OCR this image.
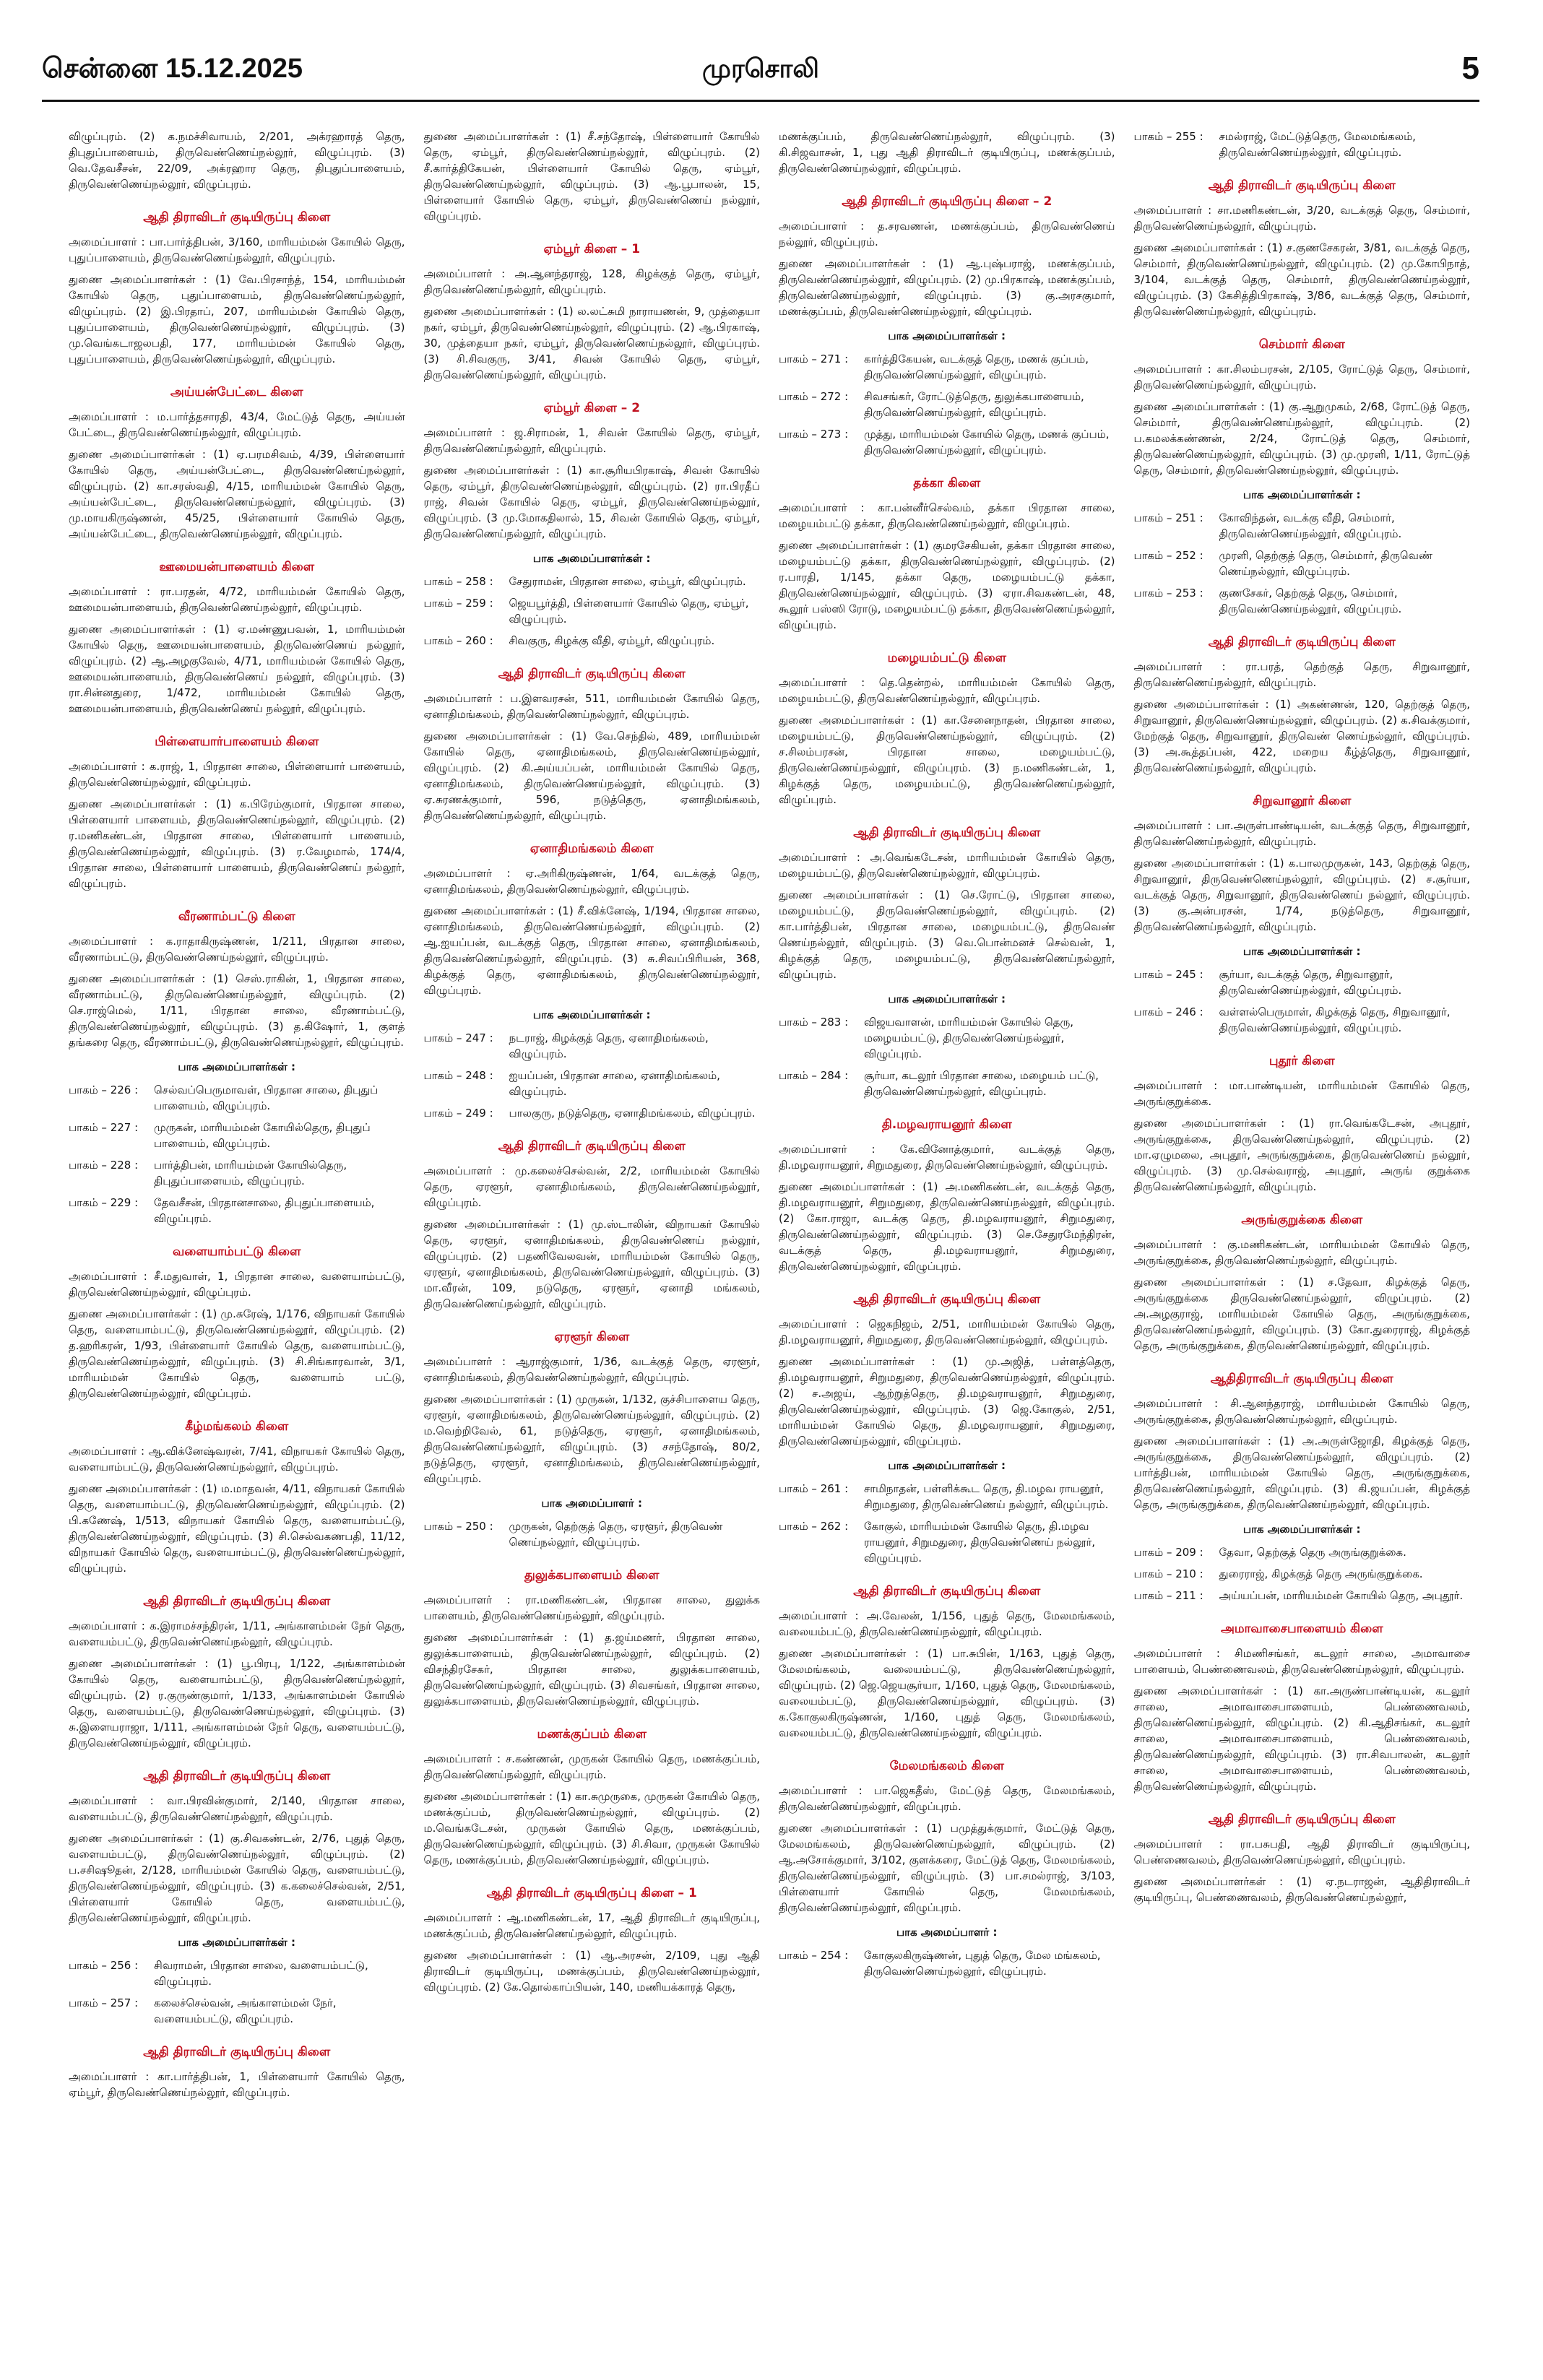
சென்னை 15.12.2025	முரசொலி	5
விழுப்புரம். (2) க.நமச்சிவாயம், 2/201, அக்ரஹாரத் தெரு, திபுதுப்பாளையம், திருவெண்ணெய்நல்லூர், விழுப்புரம். (3) வெ.தேவசீசன், 22/09, அக்ரஹார தெரு, திபுதுப்பாளையம், திருவெண்ணெய்நல்லூர், விழுப்புரம்.
ஆதி திராவிடர் குடியிருப்பு கிளை
அமைப்பாளர் : பா.பார்த்திபன், 3/160, மாரியம்மன் கோயில் தெரு, புதுப்பாளையம், திருவெண்ணெய்நல்லூர், விழுப்புரம்.
துணை அமைப்பாளர்கள் : (1) வே.பிரசாந்த், 154, மாரியம்மன் கோயில் தெரு, புதுப்பாளையம், திருவெண்ணெய்நல்லூர், விழுப்புரம். (2) இ.பிரதாப், 207, மாரியம்மன் கோயில் தெரு, புதுப்பாளையம், திருவெண்ணெய்நல்லூர், விழுப்புரம். (3) மு.வெங்கடாஜலபதி, 177, மாரியம்மன் கோயில் தெரு, புதுப்பாளையம், திருவெண்ணெய்நல்லூர், விழுப்புரம்.
அய்யன்பேட்டை கிளை
அமைப்பாளர் : ம.பார்த்தசாரதி, 43/4, மேட்டுத் தெரு, அய்யன் பேட்டை, திருவெண்ணெய்நல்லூர், விழுப்புரம்.
துணை அமைப்பாளர்கள் : (1) ஏ.பரமசிவம், 4/39, பிள்ளையார் கோயில் தெரு, அய்யன்பேட்டை, திருவெண்ணெய்நல்லூர், விழுப்புரம். (2) கா.சரஸ்வதி, 4/15, மாரியம்மன் கோயில் தெரு, அய்யன்பேட்டை, திருவெண்ணெய்நல்லூர், விழுப்புரம். (3) மு.மாயகிருஷ்ணன், 45/25, பிள்ளையார் கோயில் தெரு, அய்யன்பேட்டை, திருவெண்ணெய்நல்லூர், விழுப்புரம்.
ஊமையன்பாளையம் கிளை
அமைப்பாளர் : ரா.பரதன், 4/72, மாரியம்மன் கோயில் தெரு, ஊமையன்பாளையம், திருவெண்ணெய்நல்லூர், விழுப்புரம்.
துணை அமைப்பாளர்கள் : (1) ஏ.மண்ணுபவன், 1, மாரியம்மன் கோயில் தெரு, ஊமையன்பாளையம், திருவெண்ணெய் நல்லூர், விழுப்புரம். (2) ஆ.அழகுவேல், 4/71, மாரியம்மன் கோயில் தெரு, ஊமையன்பாளையம், திருவெண்ணெய் நல்லூர், விழுப்புரம். (3) ரா.சின்னதுரை, 1/472, மாரியம்மன் கோயில் தெரு, ஊமையன்பாளையம், திருவெண்ணெய் நல்லூர், விழுப்புரம்.
பிள்ளையார்பாளையம் கிளை
அமைப்பாளர் : க.ராஜ், 1, பிரதான சாலை, பிள்ளையார் பாளையம், திருவெண்ணெய்நல்லூர், விழுப்புரம்.
துணை அமைப்பாளர்கள் : (1) க.பிரேம்குமார், பிரதான சாலை, பிள்ளையார் பாளையம், திருவெண்ணெய்நல்லூர், விழுப்புரம். (2) ர.மணிகண்டன், பிரதான சாலை, பிள்ளையார் பாளையம், திருவெண்ணெய்நல்லூர், விழுப்புரம். (3) ர.வேழமால், 174/4, பிரதான சாலை, பிள்ளையார் பாளையம், திருவெண்ணெய் நல்லூர், விழுப்புரம்.
வீரணாம்பட்டு கிளை
அமைப்பாளர் : க.ராதாகிருஷ்ணன், 1/211, பிரதான சாலை, வீரணாம்பட்டு, திருவெண்ணெய்நல்லூர், விழுப்புரம்.
துணை அமைப்பாளர்கள் : (1) செஸ்.ராகின், 1, பிரதான சாலை, வீரணாம்பட்டு, திருவெண்ணெய்நல்லூர், விழுப்புரம். (2) செ.ராஜ்மெல், 1/11, பிரதான சாலை, வீரணாம்பட்டு, திருவெண்ணெய்நல்லூர், விழுப்புரம். (3) த.கிஷோர், 1, குளத் தங்கரை தெரு, வீரணாம்பட்டு, திருவெண்ணெய்நல்லூர், விழுப்புரம்.
பாக அமைப்பாளர்கள் :
பாகம் – 226 :	செல்வப்பெருமாவள், பிரதான சாலை, திபுதுப் பாளையம், விழுப்புரம்.
பாகம் – 227 :	முருகன், மாரியம்மன் கோயில்தெரு, திபுதுப் பாளையம், விழுப்புரம்.
பாகம் – 228 :	பார்த்திபன், மாரியம்மன் கோயில்தெரு, திபுதுப்பாளையம், விழுப்புரம்.
பாகம் – 229 :	தேவசீசன், பிரதானசாலை, திபுதுப்பாளையம், விழுப்புரம்.
வளையாம்பட்டு கிளை
அமைப்பாளர் : சீ.மதுவாள், 1, பிரதான சாலை, வளையாம்பட்டு, திருவெண்ணெய்நல்லூர், விழுப்புரம்.
துணை அமைப்பாளர்கள் : (1) மு.சுரேஷ், 1/176, விநாயகர் கோயில் தெரு, வளையாம்பட்டு, திருவெண்ணெய்நல்லூர், விழுப்புரம். (2) த.ஹரிகரன், 1/93, பிள்ளையார் கோயில் தெரு, வளையாம்பட்டு, திருவெண்ணெய்நல்லூர், விழுப்புரம். (3) சி.சிங்காரவான், 3/1, மாரியம்மன் கோயில் தெரு, வளையாம் பட்டு, திருவெண்ணெய்நல்லூர், விழுப்புரம்.
கீழ்மங்கலம் கிளை
அமைப்பாளர் : ஆ.விக்னேஷ்வரன், 7/41, விநாயகர் கோயில் தெரு, வளையாம்பட்டு, திருவெண்ணெய்நல்லூர், விழுப்புரம்.
துணை அமைப்பாளர்கள் : (1) ம.மாதவன், 4/11, விநாயகர் கோயில் தெரு, வளையாம்பட்டு, திருவெண்ணெய்நல்லூர், விழுப்புரம். (2) பி.கணேஷ், 1/513, விநாயகர் கோயில் தெரு, வளையாம்பட்டு, திருவெண்ணெய்நல்லூர், விழுப்புரம். (3) சி.செல்வகணபதி, 11/12, விநாயகர் கோயில் தெரு, வளையாம்பட்டு, திருவெண்ணெய்நல்லூர், விழுப்புரம்.
ஆதி திராவிடர் குடியிருப்பு கிளை
அமைப்பாளர் : க.இராமச்சந்திரன், 1/11, அங்காளம்மன் நேர் தெரு, வளையம்பட்டு, திருவெண்ணெய்நல்லூர், விழுப்புரம்.
துணை அமைப்பாளர்கள் : (1) பூ.பிரபு, 1/122, அங்காளம்மன் கோயில் தெரு, வளையாம்பட்டு, திருவெண்ணெய்நல்லூர், விழுப்புரம். (2) ர.குருண்குமார், 1/133, அங்காளம்மன் கோயில் தெரு, வளையம்பட்டு, திருவெண்ணெய்நல்லூர், விழுப்புரம். (3) சு.இளையராஜா, 1/111, அங்காளம்மன் நேர் தெரு, வளையம்பட்டு, திருவெண்ணெய்நல்லூர், விழுப்புரம்.
ஆதி திராவிடர் குடியிருப்பு கிளை
அமைப்பாளர் : வா.பிரவின்குமார், 2/140, பிரதான சாலை, வளையம்பட்டு, திருவெண்ணெய்நல்லூர், விழுப்புரம்.
துணை அமைப்பாளர்கள் : (1) கு.சிவகண்டன், 2/76, புதுத் தெரு, வளையம்பட்டு, திருவெண்ணெய்நல்லூர், விழுப்புரம். (2) ப.சசிஷூதன், 2/128, மாரியம்மன் கோயில் தெரு, வளையம்பட்டு, திருவெண்ணெய்நல்லூர், விழுப்புரம். (3) க.கலைச்செல்வன், 2/51, பிள்ளையார் கோயில் தெரு, வளையம்பட்டு, திருவெண்ணெய்நல்லூர், விழுப்புரம்.
பாக அமைப்பாளர்கள் :
பாகம் – 256 :	சிவராமன், பிரதான சாலை, வளையம்பட்டு, விழுப்புரம்.
பாகம் – 257 :	கலைச்செல்வன், அங்காளம்மன் நேர், வளையம்பட்டு, விழுப்புரம்.
ஆதி திராவிடர் குடியிருப்பு கிளை
அமைப்பாளர் : கா.பார்த்திபன், 1, பிள்ளையார் கோயில் தெரு, ஏம்பூர், திருவெண்ணெய்நல்லூர், விழுப்புரம்.
துணை அமைப்பாளர்கள் : (1) சீ.சந்தோஷ், பிள்ளையார் கோயில் தெரு, ஏம்பூர், திருவெண்ணெய்நல்லூர், விழுப்புரம். (2) சீ.கார்த்திகேயன், பிள்ளையார் கோயில் தெரு, ஏம்பூர், திருவெண்ணெய்நல்லூர், விழுப்புரம். (3) ஆ.பூபாலன், 15, பிள்ளையார் கோயில் தெரு, ஏம்பூர், திருவெண்ணெய் நல்லூர், விழுப்புரம்.
ஏம்பூர் கிளை – 1
அமைப்பாளர் : அ.ஆனந்தராஜ், 128, கிழக்குத் தெரு, ஏம்பூர், திருவெண்ணெய்நல்லூர், விழுப்புரம்.
துணை அமைப்பாளர்கள் : (1) ல.லட்சுமி நாராயணன், 9, முத்தையா நகர், ஏம்பூர், திருவெண்ணெய்நல்லூர், விழுப்புரம். (2) ஆ.பிரகாஷ், 30, முத்தையா நகர், ஏம்பூர், திருவெண்ணெய்நல்லூர், விழுப்புரம். (3) சி.சிவகுரு, 3/41, சிவன் கோயில் தெரு, ஏம்பூர், திருவெண்ணெய்நல்லூர், விழுப்புரம்.
ஏம்பூர் கிளை – 2
அமைப்பாளர் : ஜ.சிராமன், 1, சிவன் கோயில் தெரு, ஏம்பூர், திருவெண்ணெய்நல்லூர், விழுப்புரம்.
துணை அமைப்பாளர்கள் : (1) கா.சூரியபிரகாஷ், சிவன் கோயில் தெரு, ஏம்பூர், திருவெண்ணெய்நல்லூர், விழுப்புரம். (2) ரா.பிரதீப் ராஜ், சிவன் கோயில் தெரு, ஏம்பூர், திருவெண்ணெய்நல்லூர், விழுப்புரம். (3 மு.மோகதிலால், 15, சிவன் கோயில் தெரு, ஏம்பூர், திருவெண்ணெய்நல்லூர், விழுப்புரம்.
பாக அமைப்பாளர்கள் :
பாகம் – 258 :	சேதுராமன், பிரதான சாலை, ஏம்பூர், விழுப்புரம்.
பாகம் – 259 :	ஜெயபூர்த்தி, பிள்ளையார் கோயில் தெரு, ஏம்பூர், விழுப்புரம்.
பாகம் – 260 :	சிவகுரு, கிழக்கு வீதி, ஏம்பூர், விழுப்புரம்.
ஆதி திராவிடர் குடியிருப்பு கிளை
அமைப்பாளர் : ப.இளவரசன், 511, மாரியம்மன் கோயில் தெரு, ஏனாதிமங்கலம், திருவெண்ணெய்நல்லூர், விழுப்புரம்.
துணை அமைப்பாளர்கள் : (1) வே.செந்தில், 489, மாரியம்மன் கோயில் தெரு, ஏனாதிமங்கலம், திருவெண்ணெய்நல்லூர், விழுப்புரம். (2) கி.அய்யப்பன், மாரியம்மன் கோயில் தெரு, ஏனாதிமங்கலம், திருவெண்ணெய்நல்லூர், விழுப்புரம். (3) ஏ.சுரணக்குமார், 596, நடுத்தெரு, ஏனாதிமங்கலம், திருவெண்ணெய்நல்லூர், விழுப்புரம்.
ஏனாதிமங்கலம் கிளை
அமைப்பாளர் : ஏ.அரிகிருஷ்ணன், 1/64, வடக்குத் தெரு, ஏனாதிமங்கலம், திருவெண்ணெய்நல்லூர், விழுப்புரம்.
துணை அமைப்பாளர்கள் : (1) சீ.விக்னேஷ், 1/194, பிரதான சாலை, ஏனாதிமங்கலம், திருவெண்ணெய்நல்லூர், விழுப்புரம். (2) ஆ.ஐயப்பன், வடக்குத் தெரு, பிரதான சாலை, ஏனாதிமங்கலம், திருவெண்ணெய்நல்லூர், விழுப்புரம். (3) சு.சிவப்பிரியன், 368, கிழக்குத் தெரு, ஏனாதிமங்கலம், திருவெண்ணெய்நல்லூர், விழுப்புரம்.
பாக அமைப்பாளர்கள் :
பாகம் – 247 :	நடராஜ், கிழக்குத் தெரு, ஏனாதிமங்கலம், விழுப்புரம்.
பாகம் – 248 :	ஐயப்பன், பிரதான சாலை, ஏனாதிமங்கலம், விழுப்புரம்.
பாகம் – 249 :	பாலகுரு, நடுத்தெரு, ஏனாதிமங்கலம், விழுப்புரம்.
ஆதி திராவிடர் குடியிருப்பு கிளை
அமைப்பாளர் : மு.கலைச்செல்வன், 2/2, மாரியம்மன் கோயில் தெரு, ஏரளூர், ஏனாதிமங்கலம், திருவெண்ணெய்நல்லூர், விழுப்புரம்.
துணை அமைப்பாளர்கள் : (1) மு.ஸ்டாலின், விநாயகர் கோயில் தெரு, ஏரளூர், ஏனாதிமங்கலம், திருவெண்ணெய் நல்லூர், விழுப்புரம். (2) பதணிவேலவன், மாரியம்மன் கோயில் தெரு, ஏரளூர், ஏனாதிமங்கலம், திருவெண்ணெய்நல்லூர், விழுப்புரம். (3) மா.வீரன், 109, நடுதெரு, ஏரளூர், ஏனாதி மங்கலம், திருவெண்ணெய்நல்லூர், விழுப்புரம்.
ஏரளூர் கிளை
அமைப்பாளர் : ஆராஜ்குமார், 1/36, வடக்குத் தெரு, ஏரளூர், ஏனாதிமங்கலம், திருவெண்ணெய்நல்லூர், விழுப்புரம்.
துணை அமைப்பாளர்கள் : (1) முருகன், 1/132, குச்சிபாளைய தெரு, ஏரளூர், ஏனாதிமங்கலம், திருவெண்ணெய்நல்லூர், விழுப்புரம். (2) ம.வெற்றிவேல், 61, நடுத்தெரு, ஏரளூர், ஏனாதிமங்கலம், திருவெண்ணெய்நல்லூர், விழுப்புரம். (3) சசந்தோஷ், 80/2, நடுத்தெரு, ஏரளூர், ஏனாதிமங்கலம், திருவெண்ணெய்நல்லூர், விழுப்புரம்.
பாக அமைப்பாளர் :
பாகம் – 250 :	முருகன், தெற்குத் தெரு, ஏரளூர், திருவெண் ணெய்நல்லூர், விழுப்புரம்.
துலுக்கபாளையம் கிளை
அமைப்பாளர் : ரா.மணிகண்டன், பிரதான சாலை, துலுக்க பாளையம், திருவெண்ணெய்நல்லூர், விழுப்புரம்.
துணை அமைப்பாளர்கள் : (1) த.ஜய்மணர், பிரதான சாலை, துலுக்கபாளையம், திருவெண்ணெய்நல்லூர், விழுப்புரம். (2) விசந்திரசேகர், பிரதான சாலை, துலுக்கபாளையம், திருவெண்ணெய்நல்லூர், விழுப்புரம். (3) சிவசங்கர், பிரதான சாலை, துலுக்கபாளையம், திருவெண்ணெய்நல்லூர், விழுப்புரம்.
மணக்குப்பம் கிளை
அமைப்பாளர் : ச.கண்ணன், முருகன் கோயில் தெரு, மணக்குப்பம், திருவெண்ணெய்நல்லூர், விழுப்புரம்.
துணை அமைப்பாளர்கள் : (1) கா.சுமுருகை, முருகன் கோயில் தெரு, மணக்குப்பம், திருவெண்ணெய்நல்லூர், விழுப்புரம். (2) ம.வெங்கடேசன், முருகன் கோயில் தெரு, மணக்குப்பம், திருவெண்ணெய்நல்லூர், விழுப்புரம். (3) சி.சிவா, முருகன் கோயில் தெரு, மணக்குப்பம், திருவெண்ணெய்நல்லூர், விழுப்புரம்.
ஆதி திராவிடர் குடியிருப்பு கிளை – 1
அமைப்பாளர் : ஆ.மணிகண்டன், 17, ஆதி திராவிடர் குடியிருப்பு, மணக்குப்பம், திருவெண்ணெய்நல்லூர், விழுப்புரம்.
துணை அமைப்பாளர்கள் : (1) ஆ.அரசன், 2/109, புது ஆதி திராவிடர் குடியிருப்பு, மணக்குப்பம், திருவெண்ணெய்நல்லூர், விழுப்புரம். (2) கே.தொல்காப்பியன், 140, மணியக்காரத் தெரு,
மணக்குப்பம், திருவெண்ணெய்நல்லூர், விழுப்புரம். (3) கி.சிஜவாசன், 1, புது ஆதி திராவிடர் குடியிருப்பு, மணக்குப்பம், திருவெண்ணெய்நல்லூர், விழுப்புரம்.
ஆதி திராவிடர் குடியிருப்பு கிளை – 2
அமைப்பாளர் : த.சரவணன், மணக்குப்பம், திருவெண்ணெய் நல்லூர், விழுப்புரம்.
துணை அமைப்பாளர்கள் : (1) ஆ.புஷ்பராஜ், மணக்குப்பம், திருவெண்ணெய்நல்லூர், விழுப்புரம். (2) மு.பிரகாஷ், மணக்குப்பம், திருவெண்ணெய்நல்லூர், விழுப்புரம். (3) கு.அரசகுமார், மணக்குப்பம், திருவெண்ணெய்நல்லூர், விழுப்புரம்.
பாக அமைப்பாளர்கள் :
பாகம் – 271 :	கார்த்திகேயன், வடக்குத் தெரு, மணக் குப்பம், திருவெண்ணெய்நல்லூர், விழுப்புரம்.
பாகம் – 272 :	சிவசங்கர், ரோட்டுத்தெரு, துலுக்கபாளையம், திருவெண்ணெய்நல்லூர், விழுப்புரம்.
பாகம் – 273 :	முத்து, மாரியம்மன் கோயில் தெரு, மணக் குப்பம், திருவெண்ணெய்நல்லூர், விழுப்புரம்.
தக்கா கிளை
அமைப்பாளர் : கா.பன்னீர்செல்வம், தக்கா பிரதான சாலை, மழையம்பட்டு தக்கா, திருவெண்ணெய்நல்லூர், விழுப்புரம்.
துணை அமைப்பாளர்கள் : (1) குமரசேகியன், தக்கா பிரதான சாலை, மழையம்பட்டு தக்கா, திருவெண்ணெய்நல்லூர், விழுப்புரம். (2) ர.பாரதி, 1/145, தக்கா தெரு, மழையம்பட்டு தக்கா, திருவெண்ணெய்நல்லூர், விழுப்புரம். (3) ஏரா.சிவகண்டன், 48, கூலூர் பஸ்ஸி ரோடு, மழையம்பட்டு தக்கா, திருவெண்ணெய்நல்லூர், விழுப்புரம்.
மழையம்பட்டு கிளை
அமைப்பாளர் : தெ.தென்றல், மாரியம்மன் கோயில் தெரு, மழையம்பட்டு, திருவெண்ணெய்நல்லூர், விழுப்புரம்.
துணை அமைப்பாளர்கள் : (1) கா.சேனைநாதன், பிரதான சாலை, மழையம்பட்டு, திருவெண்ணெய்நல்லூர், விழுப்புரம். (2) ச.சிலம்பரசன், பிரதான சாலை, மழையம்பட்டு, திருவெண்ணெய்நல்லூர், விழுப்புரம். (3) ந.மணிகண்டன், 1, கிழக்குத் தெரு, மழையம்பட்டு, திருவெண்ணெய்நல்லூர், விழுப்புரம்.
ஆதி திராவிடர் குடியிருப்பு கிளை
அமைப்பாளர் : அ.வெங்கடேசன், மாரியம்மன் கோயில் தெரு, மழையம்பட்டு, திருவெண்ணெய்நல்லூர், விழுப்புரம்.
துணை அமைப்பாளர்கள் : (1) செ.ரோட்டு, பிரதான சாலை, மழையம்பட்டு, திருவெண்ணெய்நல்லூர், விழுப்புரம். (2) கா.பார்த்திபன், பிரதான சாலை, மழையம்பட்டு, திருவெண் ணெய்நல்லூர், விழுப்புரம். (3) வெ.பொன்மனச் செல்வன், 1, கிழக்குத் தெரு, மழையம்பட்டு, திருவெண்ணெய்நல்லூர், விழுப்புரம்.
பாக அமைப்பாளர்கள் :
பாகம் – 283 :	விஜயவாளன், மாரியம்மன் கோயில் தெரு, மழையம்பட்டு, திருவெண்ணெய்நல்லூர், விழுப்புரம்.
பாகம் – 284 :	சூர்யா, கடலூர் பிரதான சாலை, மழையம் பட்டு, திருவெண்ணெய்நல்லூர், விழுப்புரம்.
தி.மழவராயனூர் கிளை
அமைப்பாளர் : கே.வினோத்குமார், வடக்குத் தெரு, தி.மழவராயனூர், சிறுமதுரை, திருவெண்ணெய்நல்லூர், விழுப்புரம்.
துணை அமைப்பாளர்கள் : (1) அ.மணிகண்டன், வடக்குத் தெரு, தி.மழவராயனூர், சிறுமதுரை, திருவெண்ணெய்நல்லூர், விழுப்புரம். (2) கோ.ராஜா, வடக்கு தெரு, தி.மழவராயனூர், சிறுமதுரை, திருவெண்ணெய்நல்லூர், விழுப்புரம். (3) செ.சேதுரமேந்திரன், வடக்குத் தெரு, தி.மழவராயனூர், சிறுமதுரை, திருவெண்ணெய்நல்லூர், விழுப்புரம்.
ஆதி திராவிடர் குடியிருப்பு கிளை
அமைப்பாளர் : ஜெகநிஜம், 2/51, மாரியம்மன் கோயில் தெரு, தி.மழவராயனூர், சிறுமதுரை, திருவெண்ணெய்நல்லூர், விழுப்புரம்.
துணை அமைப்பாளர்கள் : (1) மு.அஜித், பள்ளத்தெரு, தி.மழவராயனூர், சிறுமதுரை, திருவெண்ணெய்நல்லூர், விழுப்புரம். (2) ச.அஜய், ஆற்றுத்தெரு, தி.மழவராயனூர், சிறுமதுரை, திருவெண்ணெய்நல்லூர், விழுப்புரம். (3) ஜெ.கோகுல், 2/51, மாரியம்மன் கோயில் தெரு, தி.மழவராயனூர், சிறுமதுரை, திருவெண்ணெய்நல்லூர், விழுப்புரம்.
பாக அமைப்பாளர்கள் :
பாகம் – 261 :	சாமிநாதன், பள்ளிக்கூட தெரு, தி.மழவ ராயனூர், சிறுமதுரை, திருவெண்ணெய் நல்லூர், விழுப்புரம்.
பாகம் – 262 :	கோகுல், மாரியம்மன் கோயில் தெரு, தி.மழவ ராயனூர், சிறுமதுரை, திருவெண்ணெய் நல்லூர், விழுப்புரம்.
ஆதி திராவிடர் குடியிருப்பு கிளை
அமைப்பாளர் : அ.வேலன், 1/156, புதுத் தெரு, மேலமங்கலம், வலையம்பட்டு, திருவெண்ணெய்நல்லூர், விழுப்புரம்.
துணை அமைப்பாளர்கள் : (1) பா.சுபின், 1/163, புதுத் தெரு, மேலமங்கலம், வலையம்பட்டு, திருவெண்ணெய்நல்லூர், விழுப்புரம். (2) ஜெ.ஜெயசூர்யா, 1/160, புதுத் தெரு, மேலமங்கலம், வலையம்பட்டு, திருவெண்ணெய்நல்லூர், விழுப்புரம். (3) க.கோகுலகிருஷ்ணன், 1/160, புதுத் தெரு, மேலமங்கலம், வலையம்பட்டு, திருவெண்ணெய்நல்லூர், விழுப்புரம்.
மேலமங்கலம் கிளை
அமைப்பாளர் : பா.ஜெகதீஸ், மேட்டுத் தெரு, மேலமங்கலம், திருவெண்ணெய்நல்லூர், விழுப்புரம்.
துணை அமைப்பாளர்கள் : (1) பமுத்துக்குமார், மேட்டுத் தெரு, மேலமங்கலம், திருவெண்ணெய்நல்லூர், விழுப்புரம். (2) ஆ.அசோக்குமார், 3/102, குளக்கரை, மேட்டுத் தெரு, மேலமங்கலம், திருவெண்ணெய்நல்லூர், விழுப்புரம். (3) பா.சமல்ராஜ், 3/103, பிள்ளையார் கோயில் தெரு, மேலமங்கலம், திருவெண்ணெய்நல்லூர், விழுப்புரம்.
பாக அமைப்பாளர் :
பாகம் – 254 :	கோகுலகிருஷ்ணன், புதுத் தெரு, மேல மங்கலம், திருவெண்ணெய்நல்லூர், விழுப்புரம்.
பாகம் – 255 :	சமல்ராஜ், மேட்டுத்தெரு, மேலமங்கலம், திருவெண்ணெய்நல்லூர், விழுப்புரம்.
ஆதி திராவிடர் குடியிருப்பு கிளை
அமைப்பாளர் : சா.மணிகண்டன், 3/20, வடக்குத் தெரு, செம்மார், திருவெண்ணெய்நல்லூர், விழுப்புரம்.
துணை அமைப்பாளர்கள் : (1) ச.குணசேகரன், 3/81, வடக்குத் தெரு, செம்மார், திருவெண்ணெய்நல்லூர், விழுப்புரம். (2) மு.கோபிநாத், 3/104, வடக்குத் தெரு, செம்மார், திருவெண்ணெய்நல்லூர், விழுப்புரம். (3) கேசித்திபிரகாஷ், 3/86, வடக்குத் தெரு, செம்மார், திருவெண்ணெய்நல்லூர், விழுப்புரம்.
செம்மார் கிளை
அமைப்பாளர் : கா.சிலம்பரசன், 2/105, ரோட்டுத் தெரு, செம்மார், திருவெண்ணெய்நல்லூர், விழுப்புரம்.
துணை அமைப்பாளர்கள் : (1) கு.ஆறுமுகம், 2/68, ரோட்டுத் தெரு, செம்மார், திருவெண்ணெய்நல்லூர், விழுப்புரம். (2) ப.கமலக்கண்ணன், 2/24, ரோட்டுத் தெரு, செம்மார், திருவெண்ணெய்நல்லூர், விழுப்புரம். (3) மு.முரளி, 1/11, ரோட்டுத் தெரு, செம்மார், திருவெண்ணெய்நல்லூர், விழுப்புரம்.
பாக அமைப்பாளர்கள் :
பாகம் – 251 :	கோவிந்தன், வடக்கு வீதி, செம்மார், திருவெண்ணெய்நல்லூர், விழுப்புரம்.
பாகம் – 252 :	முரளி, தெற்குத் தெரு, செம்மார், திருவெண் ணெய்நல்லூர், விழுப்புரம்.
பாகம் – 253 :	குணசேகர், தெற்குத் தெரு, செம்மார், திருவெண்ணெய்நல்லூர், விழுப்புரம்.
ஆதி திராவிடர் குடியிருப்பு கிளை
அமைப்பாளர் : ரா.பரத், தெற்குத் தெரு, சிறுவானூர், திருவெண்ணெய்நல்லூர், விழுப்புரம்.
துணை அமைப்பாளர்கள் : (1) அகண்ணன், 120, தெற்குத் தெரு, சிறுவானூர், திருவெண்ணெய்நல்லூர், விழுப்புரம். (2) க.சிவக்குமார், மேற்குத் தெரு, சிறுவானூர், திருவெண் ணெய்நல்லூர், விழுப்புரம். (3) அ.கூத்தப்பன், 422, மறைய கீழ்த்தெரு, சிறுவானூர், திருவெண்ணெய்நல்லூர், விழுப்புரம்.
சிறுவானூர் கிளை
அமைப்பாளர் : பா.அருள்பாண்டியன், வடக்குத் தெரு, சிறுவானூர், திருவெண்ணெய்நல்லூர், விழுப்புரம்.
துணை அமைப்பாளர்கள் : (1) க.பாலமுருகன், 143, தெற்குத் தெரு, சிறுவானூர், திருவெண்ணெய்நல்லூர், விழுப்புரம். (2) ச.சூர்யா, வடக்குத் தெரு, சிறுவானூர், திருவெண்ணெய் நல்லூர், விழுப்புரம். (3) கு.அன்பரசன், 1/74, நடுத்தெரு, சிறுவானூர், திருவெண்ணெய்நல்லூர், விழுப்புரம்.
பாக அமைப்பாளர்கள் :
பாகம் – 245 :	சூர்யா, வடக்குத் தெரு, சிறுவானூர், திருவெண்ணெய்நல்லூர், விழுப்புரம்.
பாகம் – 246 :	வள்ளல்பெருமாள், கிழக்குத் தெரு, சிறுவானூர், திருவெண்ணெய்நல்லூர், விழுப்புரம்.
புதூர் கிளை
அமைப்பாளர் : மா.பாண்டியன், மாரியம்மன் கோயில் தெரு, அருங்குறுக்கை.
துணை அமைப்பாளர்கள் : (1) ரா.வெங்கடேசன், அபுதூர், அருங்குறுக்கை, திருவெண்ணெய்நல்லூர், விழுப்புரம். (2) மா.ஏழுமலை, அபுதூர், அருங்குறுக்கை, திருவெண்ணெய் நல்லூர், விழுப்புரம். (3) மு.செல்வராஜ், அபுதூர், அருங் குறுக்கை திருவெண்ணெய்நல்லூர், விழுப்புரம்.
அருங்குறுக்கை கிளை
அமைப்பாளர் : கு.மணிகண்டன், மாரியம்மன் கோயில் தெரு, அருங்குறுக்கை, திருவெண்ணெய்நல்லூர், விழுப்புரம்.
துணை அமைப்பாளர்கள் : (1) ச.தேவா, கிழக்குத் தெரு, அருங்குறுக்கை திருவெண்ணெய்நல்லூர், விழுப்புரம். (2) அ.அழகுராஜ், மாரியம்மன் கோயில் தெரு, அருங்குறுக்கை, திருவெண்ணெய்நல்லூர், விழுப்புரம். (3) கோ.துரைராஜ், கிழக்குத் தெரு, அருங்குறுக்கை, திருவெண்ணெய்நல்லூர், விழுப்புரம்.
ஆதிதிராவிடர் குடியிருப்பு கிளை
அமைப்பாளர் : சி.ஆனந்தராஜ், மாரியம்மன் கோயில் தெரு, அருங்குறுக்கை, திருவெண்ணெய்நல்லூர், விழுப்புரம்.
துணை அமைப்பாளர்கள் : (1) அ.அருள்ஜோதி, கிழக்குத் தெரு, அருங்குறுக்கை, திருவெண்ணெய்நல்லூர், விழுப்புரம். (2) பார்த்திபன், மாரியம்மன் கோயில் தெரு, அருங்குறுக்கை, திருவெண்ணெய்நல்லூர், விழுப்புரம். (3) கி.ஜயப்பன், கிழக்குத் தெரு, அருங்குறுக்கை, திருவெண்ணெய்நல்லூர், விழுப்புரம்.
பாக அமைப்பாளர்கள் :
பாகம் – 209 :	தேவா, தெற்குத் தெரு அருங்குறுக்கை.
பாகம் – 210 :	துரைராஜ், கிழக்குத் தெரு அருங்குறுக்கை.
பாகம் – 211 :	அய்யப்பன், மாரியம்மன் கோயில் தெரு, அபுதூர்.
அமாவாசைபாளையம் கிளை
அமைப்பாளர் : சிமணிசங்கர், கடலூர் சாலை, அமாவாசை பாளையம், பெண்ணைவலம், திருவெண்ணெய்நல்லூர், விழுப்புரம்.
துணை அமைப்பாளர்கள் : (1) கா.அருண்பாண்டியன், கடலூர் சாலை, அமாவாசைபாளையம், பெண்ணைவலம், திருவெண்ணெய்நல்லூர், விழுப்புரம். (2) கி.ஆதிசங்கர், கடலூர் சாலை, அமாவாசைபாளையம், பெண்ணைவலம், திருவெண்ணெய்நல்லூர், விழுப்புரம். (3) ரா.சிவபாலன், கடலூர் சாலை, அமாவாசைபாளையம், பெண்ணைவலம், திருவெண்ணெய்நல்லூர், விழுப்புரம்.
ஆதி திராவிடர் குடியிருப்பு கிளை
அமைப்பாளர் : ரா.பசுபதி, ஆதி திராவிடர் குடியிருப்பு, பெண்ணைவலம், திருவெண்ணெய்நல்லூர், விழுப்புரம்.
துணை அமைப்பாளர்கள் : (1) ஏ.நடராஜன், ஆதிதிராவிடர் குடியிருப்பு, பெண்ணைவலம், திருவெண்ணெய்நல்லூர்,
